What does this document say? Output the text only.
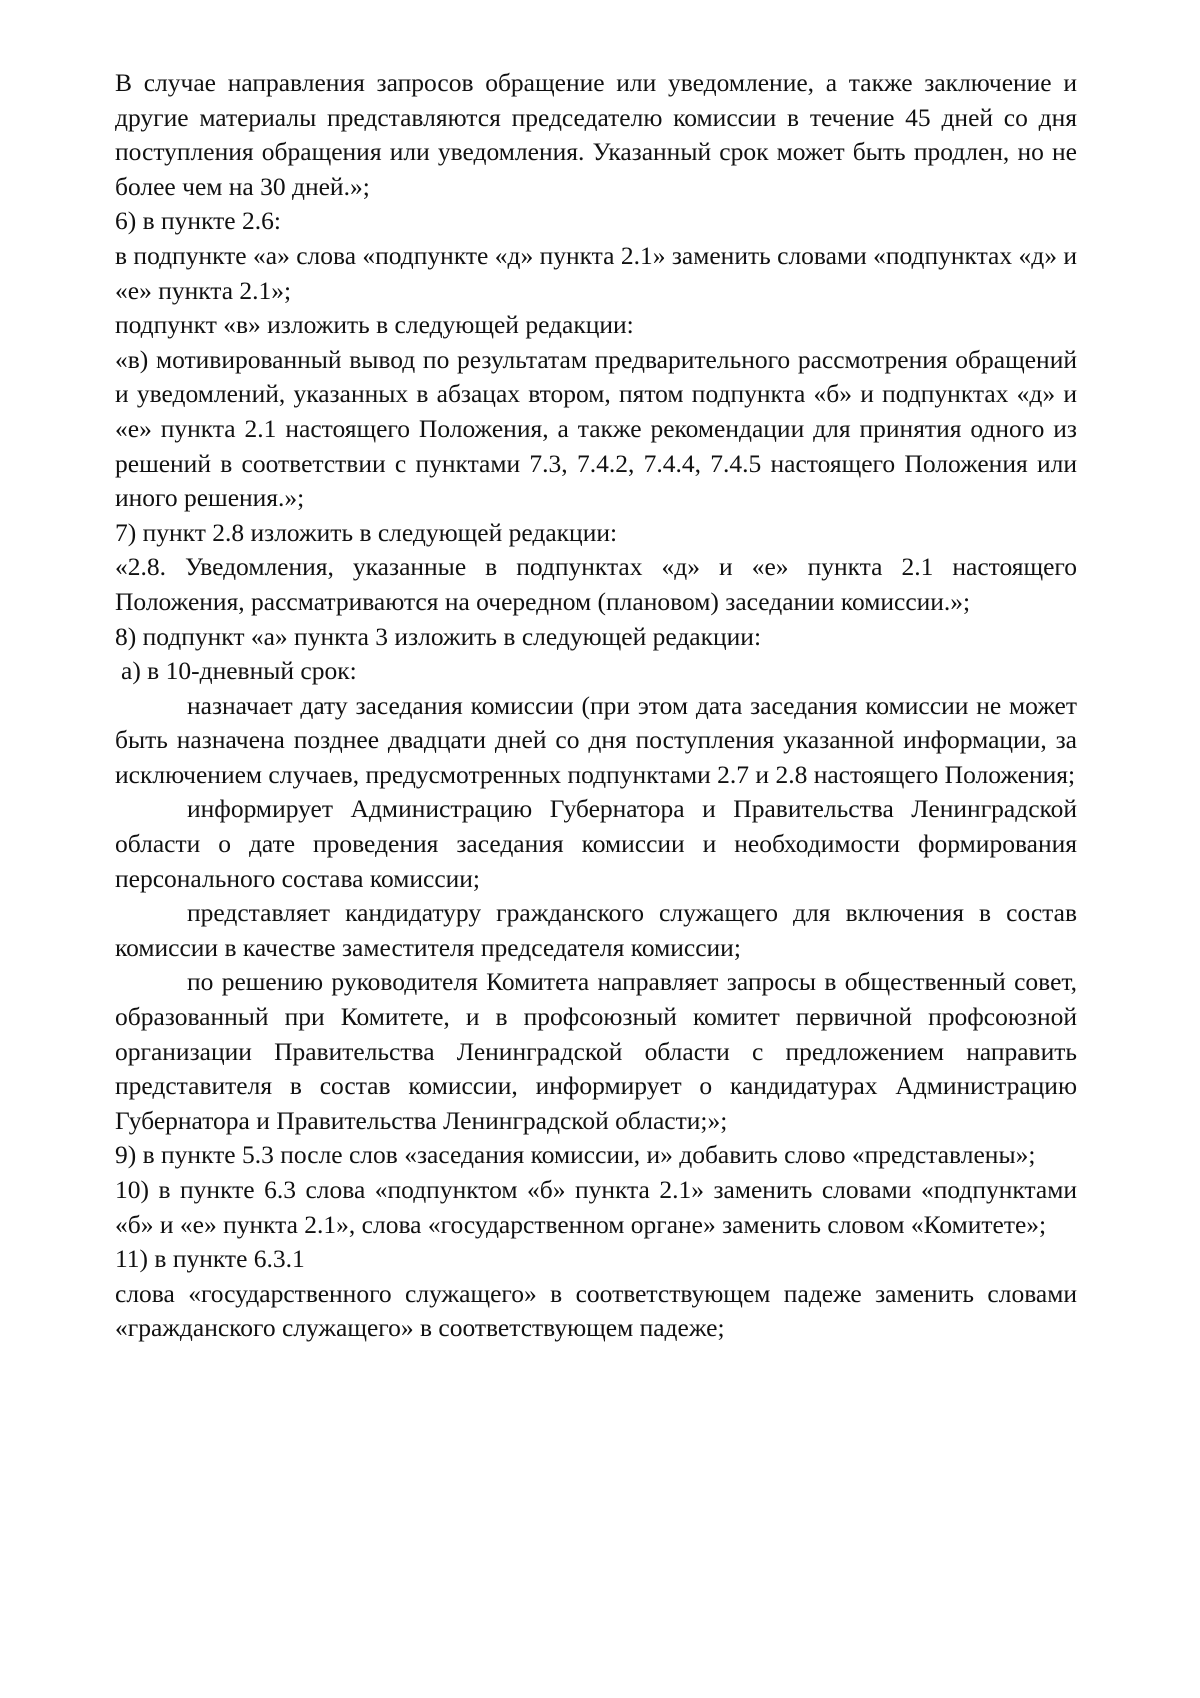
В случае направления запросов обращение или уведомление, а также заключение и другие материалы представляются председателю комиссии в течение 45 дней со дня поступления обращения или уведомления. Указанный срок может быть продлен, но не более чем на 30 дней.»;

6) в пункте 2.6:

в подпункте «а» слова «подпункте «д» пункта 2.1» заменить словами «подпунктах «д» и «е» пункта 2.1»;

подпункт «в» изложить в следующей редакции:

«в) мотивированный вывод по результатам предварительного рассмотрения обращений и уведомлений, указанных в абзацах втором, пятом подпункта «б» и подпунктах «д» и «е» пункта 2.1 настоящего Положения, а также рекомендации для принятия одного из решений в соответствии с пунктами 7.3, 7.4.2, 7.4.4, 7.4.5 настоящего Положения или иного решения.»;

7) пункт 2.8 изложить в следующей редакции:

«2.8. Уведомления, указанные в подпунктах «д» и «е» пункта 2.1 настоящего Положения, рассматриваются на очередном (плановом) заседании комиссии.»;

8) подпункт «а» пункта 3 изложить в следующей редакции:

а) в 10-дневный срок:

назначает дату заседания комиссии (при этом дата заседания комиссии не может быть назначена позднее двадцати дней со дня поступления указанной информации, за исключением случаев, предусмотренных подпунктами 2.7 и 2.8 настоящего Положения;

информирует Администрацию Губернатора и Правительства Ленинградской области о дате проведения заседания комиссии и необходимости формирования персонального состава комиссии;

представляет кандидатуру гражданского служащего для включения в состав комиссии в качестве заместителя председателя комиссии;

по решению руководителя Комитета направляет запросы в общественный совет, образованный при Комитете, и в профсоюзный комитет первичной профсоюзной организации Правительства Ленинградской области с предложением направить представителя в состав комиссии, информирует о кандидатурах Администрацию Губернатора и Правительства Ленинградской области;»;

9) в пункте 5.3 после слов «заседания комиссии, и» добавить слово «представлены»;

10) в пункте 6.3 слова «подпунктом «б» пункта 2.1» заменить словами «подпунктами «б» и «е» пункта 2.1», слова «государственном органе» заменить словом «Комитете»;

11) в пункте 6.3.1

слова «государственного служащего» в соответствующем падеже заменить словами «гражданского служащего» в соответствующем падеже;
